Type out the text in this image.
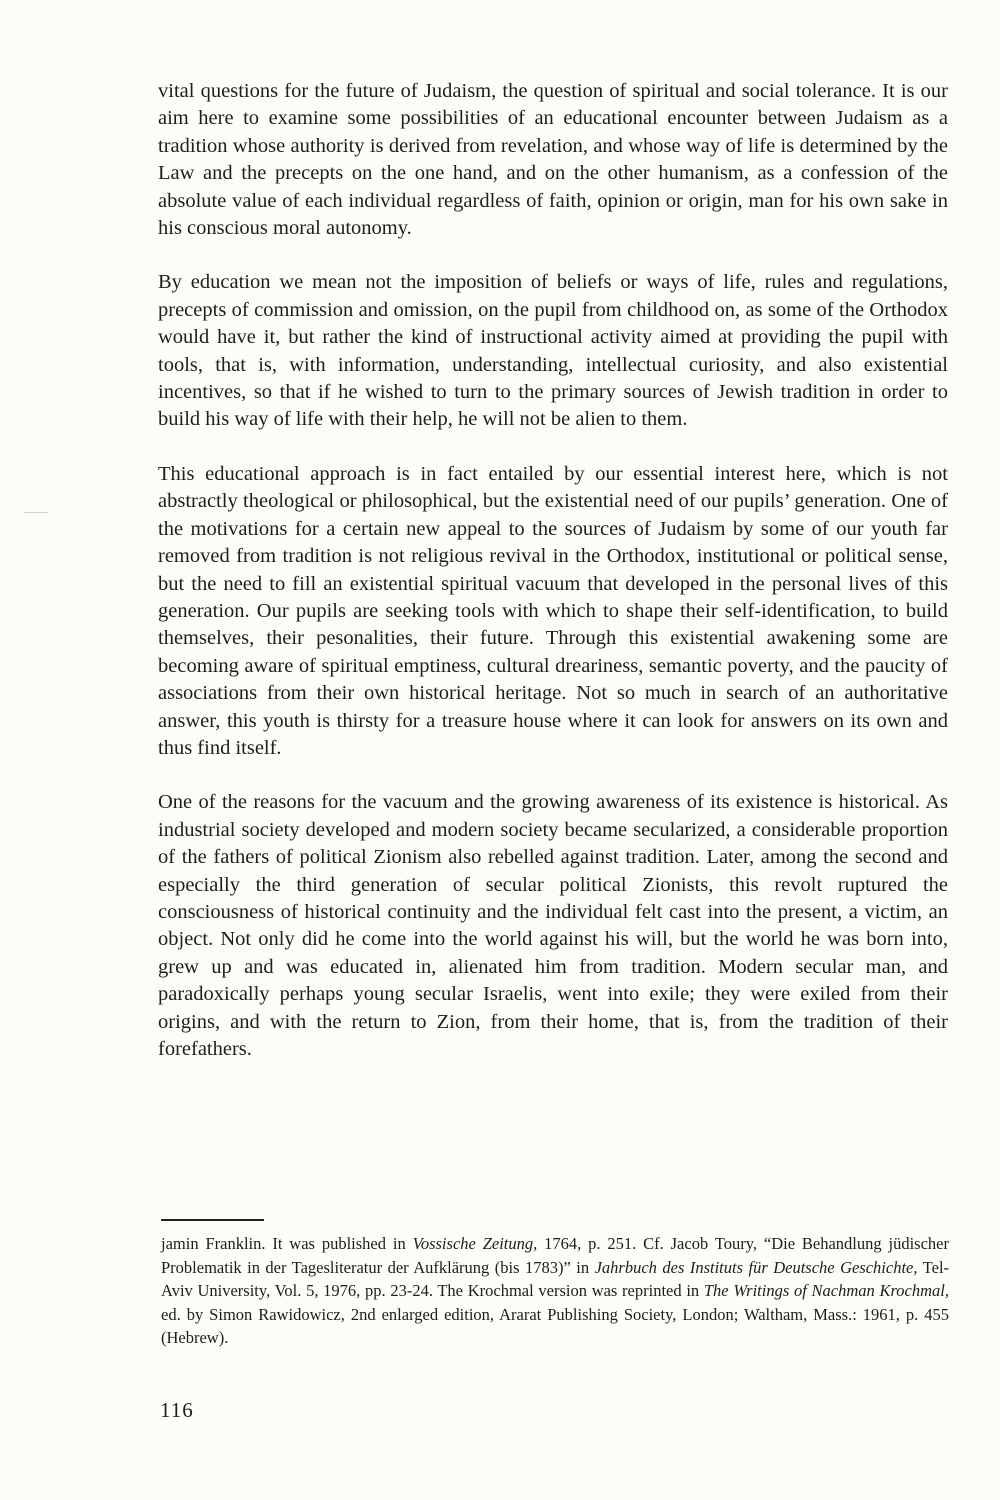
vital questions for the future of Judaism, the question of spiritual and social tolerance. It is our aim here to examine some possibilities of an educational encounter between Judaism as a tradition whose authority is derived from revelation, and whose way of life is determined by the Law and the precepts on the one hand, and on the other humanism, as a confession of the absolute value of each individual regardless of faith, opinion or origin, man for his own sake in his conscious moral autonomy.

By education we mean not the imposition of beliefs or ways of life, rules and regulations, precepts of commission and omission, on the pupil from childhood on, as some of the Orthodox would have it, but rather the kind of instructional activity aimed at providing the pupil with tools, that is, with information, understanding, intellectual curiosity, and also existential incentives, so that if he wished to turn to the primary sources of Jewish tradition in order to build his way of life with their help, he will not be alien to them.

This educational approach is in fact entailed by our essential interest here, which is not abstractly theological or philosophical, but the existential need of our pupils’ generation. One of the motivations for a certain new appeal to the sources of Judaism by some of our youth far removed from tradition is not religious revival in the Orthodox, institutional or political sense, but the need to fill an existential spiritual vacuum that developed in the personal lives of this generation. Our pupils are seeking tools with which to shape their self-identification, to build themselves, their pesonalities, their future. Through this existential awakening some are becoming aware of spiritual emptiness, cultural dreariness, semantic poverty, and the paucity of associations from their own historical heritage. Not so much in search of an authoritative answer, this youth is thirsty for a treasure house where it can look for answers on its own and thus find itself.

One of the reasons for the vacuum and the growing awareness of its existence is historical. As industrial society developed and modern society became secularized, a considerable proportion of the fathers of political Zionism also rebelled against tradition. Later, among the second and especially the third generation of secular political Zionists, this revolt ruptured the consciousness of historical continuity and the individual felt cast into the present, a victim, an object. Not only did he come into the world against his will, but the world he was born into, grew up and was educated in, alienated him from tradition. Modern secular man, and paradoxically perhaps young secular Israelis, went into exile; they were exiled from their origins, and with the return to Zion, from their home, that is, from the tradition of their forefathers.

jamin Franklin. It was published in Vossische Zeitung, 1764, p. 251. Cf. Jacob Toury, “Die Behandlung jüdischer Problematik in der Tagesliteratur der Aufklärung (bis 1783)” in Jahrbuch des Instituts für Deutsche Geschichte, Tel-Aviv University, Vol. 5, 1976, pp. 23-24. The Krochmal version was reprinted in The Writings of Nachman Krochmal, ed. by Simon Rawidowicz, 2nd enlarged edition, Ararat Publishing Society, London; Waltham, Mass.: 1961, p. 455 (Hebrew).

116
